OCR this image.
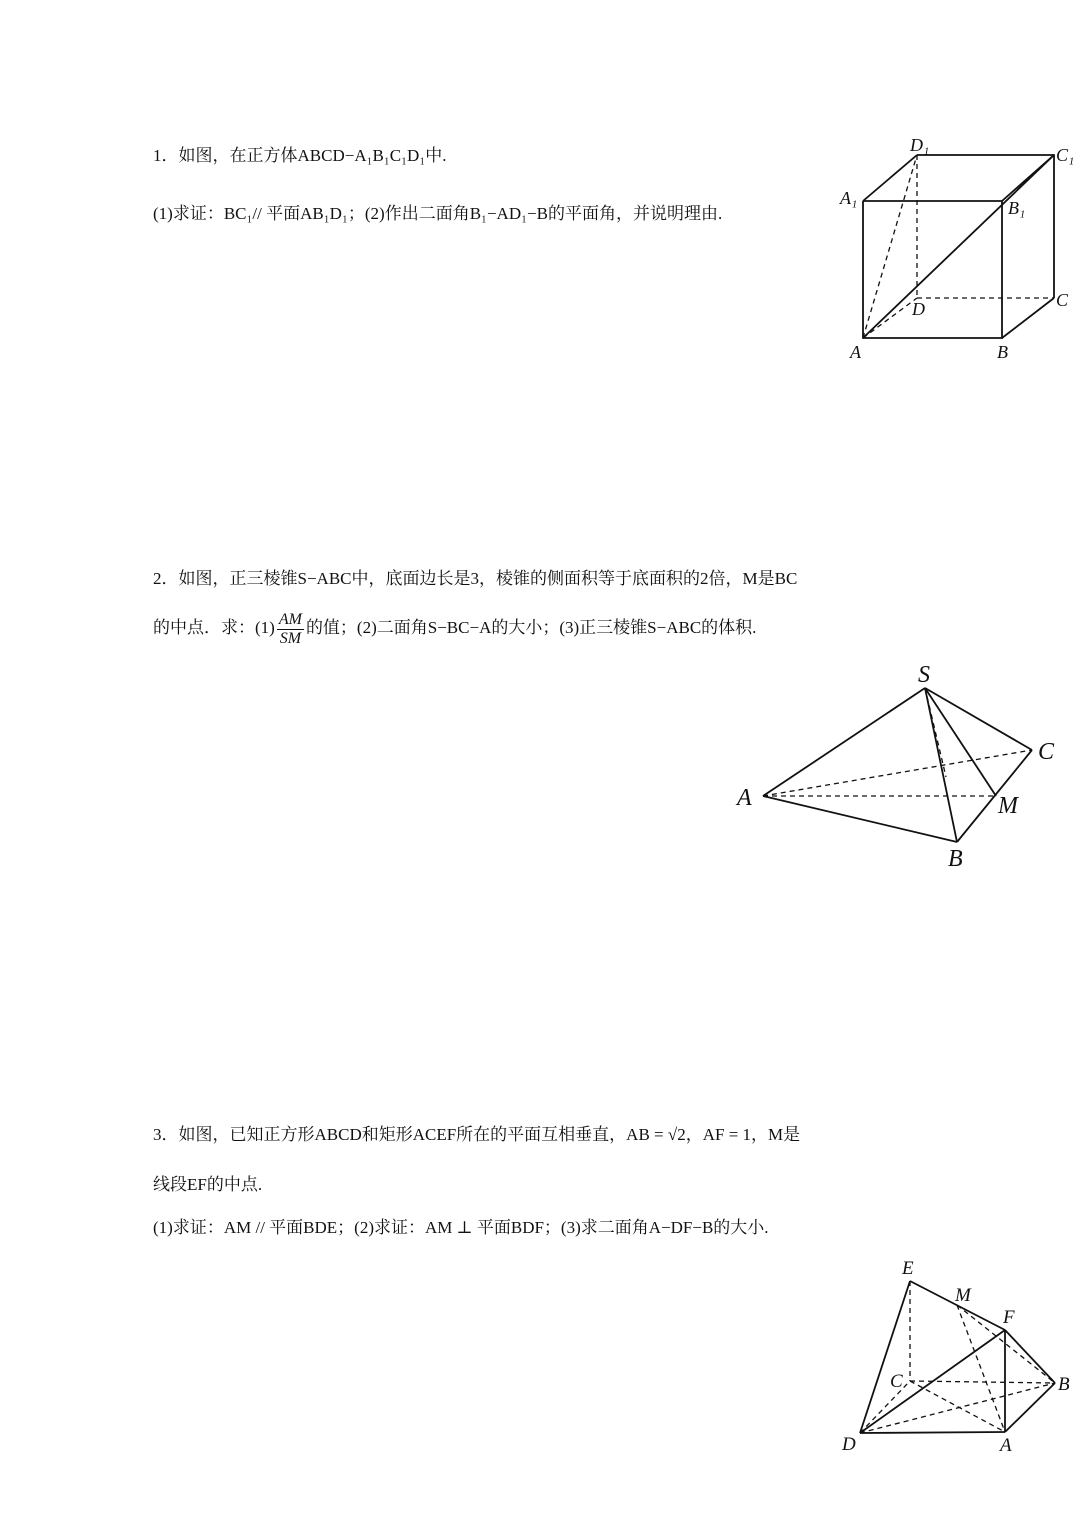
1．如图，在正方体ABCD−A₁B₁C₁D₁中.
(1)求证：BC₁// 平面AB₁D₁；(2)作出二面角B₁−AD₁−B的平面角，并说明理由.
D₁	C₁
A₁	B₁
D	C
A	B
2．如图，正三棱锥S−ABC中，底面边长是3，棱锥的侧面积等于底面积的2倍，M是BC
的中点．求：$(1) \frac{AM}{SM}$ 的值；(2)二面角S−BC−A的大小；(3)正三棱锥S−ABC的体积.
S
C
A	M
B
3．如图，已知正方形ABCD和矩形ACEF所在的平面互相垂直，AB = √2，AF = 1，M是
线段EF的中点.
(1)求证：AM // 平面BDE；(2)求证：AM ⊥ 平面BDF；(3)求二面角A−DF−B的大小.
E
M
F
C	B
D	A
